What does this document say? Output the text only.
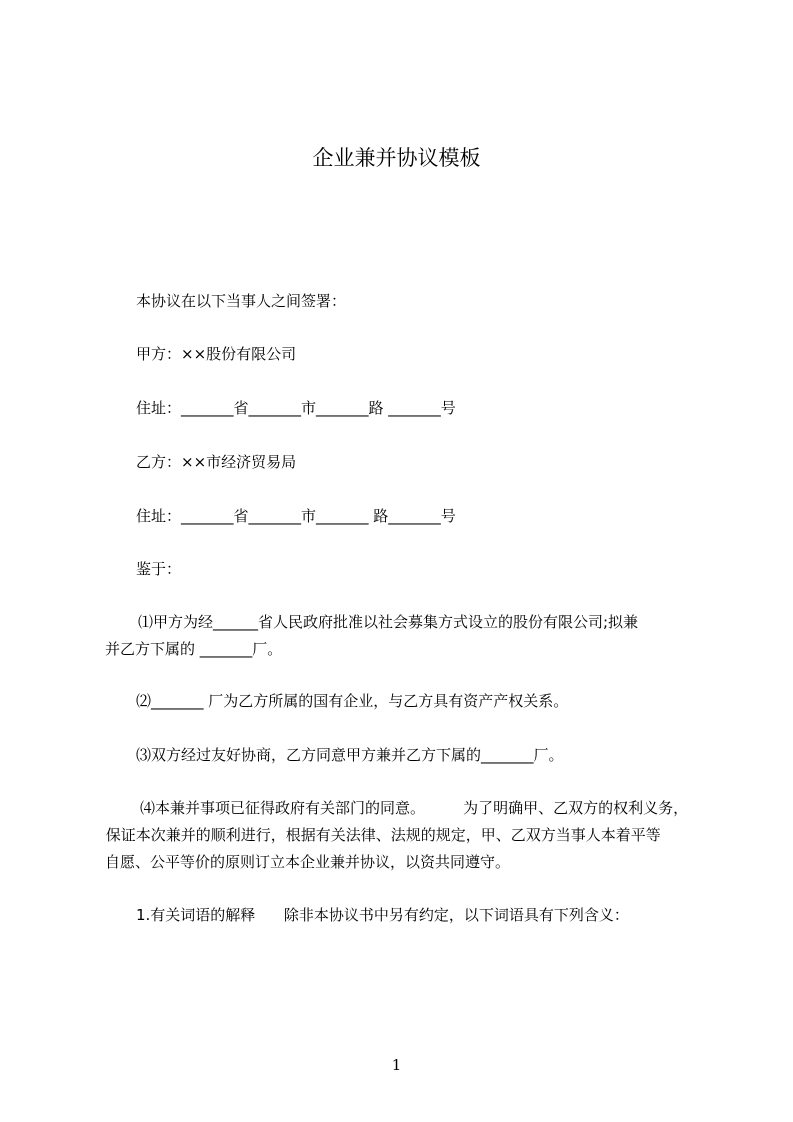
企业兼并协议模板
本协议在以下当事人之间签署：
甲方：××股份有限公司
住址：_______省_______市_______路 _______号
乙方：××市经济贸易局
住址：_______省_______市_______ 路_______号
鉴于：
⑴甲方为经______省人民政府批准以社会募集方式设立的股份有限公司;拟兼
并乙方下属的 _______厂。
⑵_______ 厂为乙方所属的国有企业，与乙方具有资产产权关系。
⑶双方经过友好协商，乙方同意甲方兼并乙方下属的_______厂。
⑷本兼并事项已征得政府有关部门的同意。        为了明确甲、乙双方的权利义务，
保证本次兼并的顺利进行，根据有关法律、法规的规定，甲、乙双方当事人本着平等
自愿、公平等价的原则订立本企业兼并协议，以资共同遵守。
1.有关词语的解释      除非本协议书中另有约定，以下词语具有下列含义：
1
